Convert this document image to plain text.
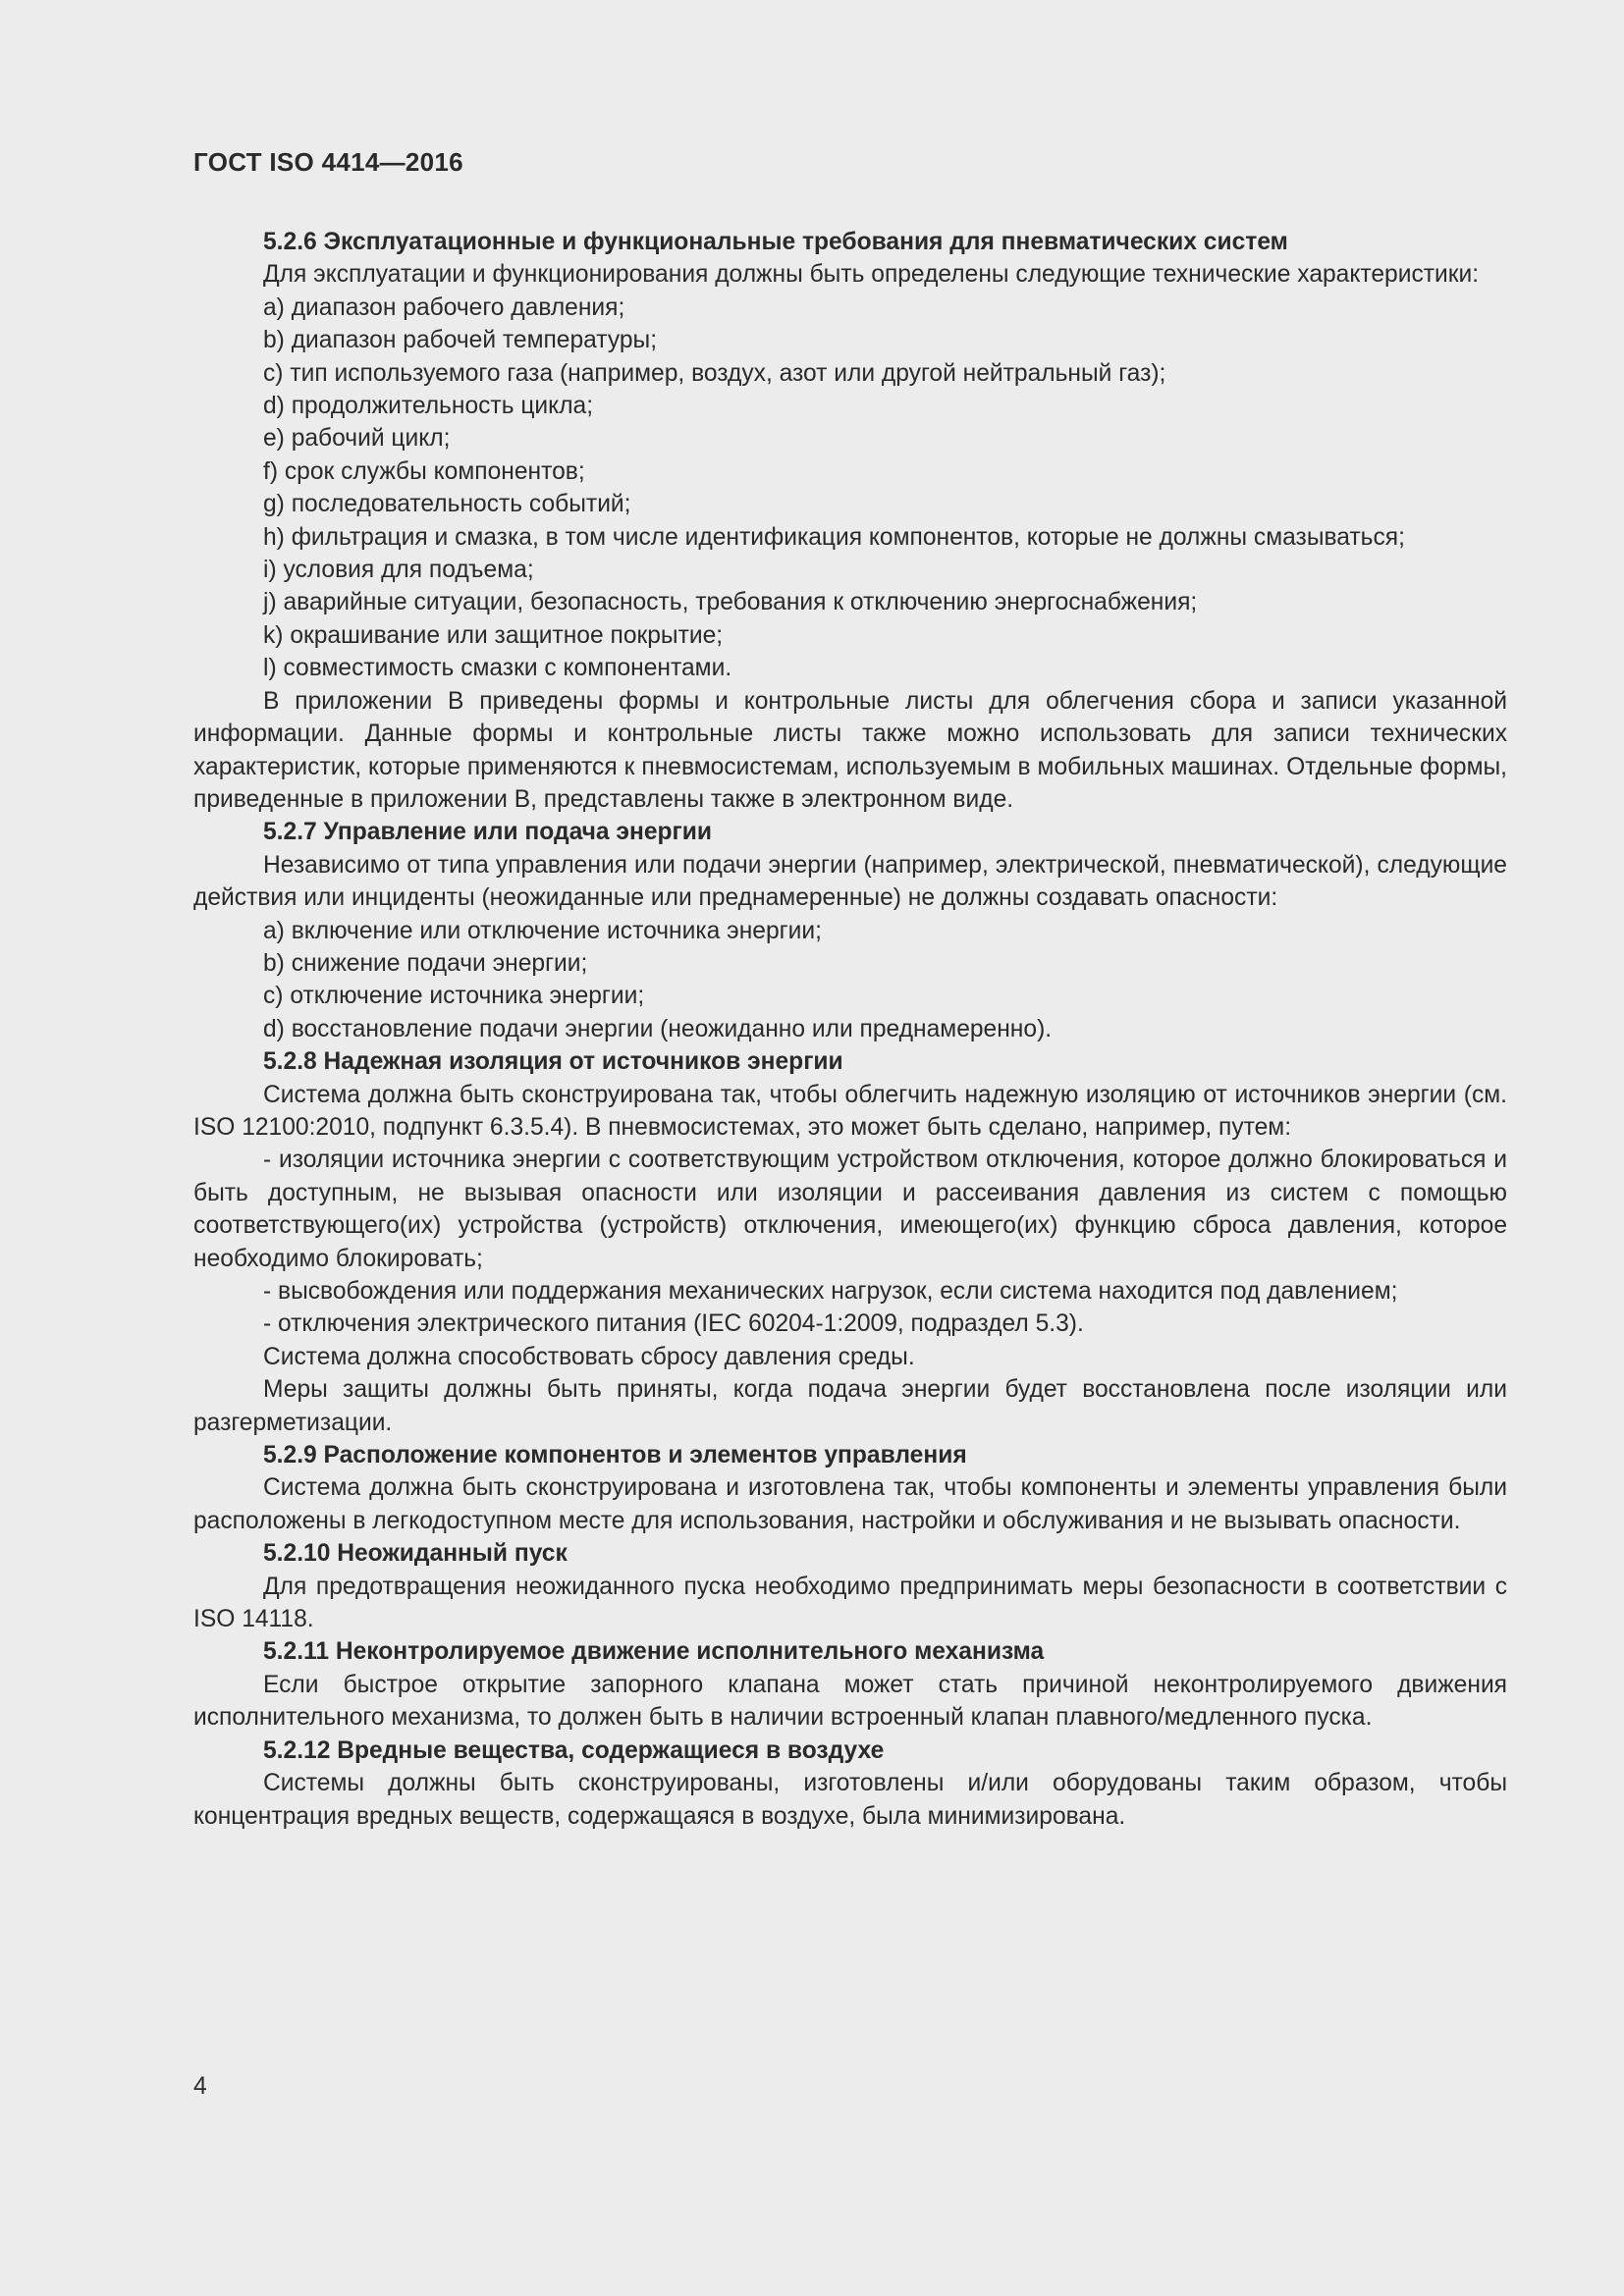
ГОСТ ISO 4414—2016

5.2.6 Эксплуатационные и функциональные требования для пневматических систем

Для эксплуатации и функционирования должны быть определены следующие технические характеристики:

a) диапазон рабочего давления;

b) диапазон рабочей температуры;

c) тип используемого газа (например, воздух, азот или другой нейтральный газ);

d) продолжительность цикла;

e) рабочий цикл;

f) срок службы компонентов;

g) последовательность событий;

h) фильтрация и смазка, в том числе идентификация компонентов, которые не должны смазываться;

i) условия для подъема;

j) аварийные ситуации, безопасность, требования к отключению энергоснабжения;

k) окрашивание или защитное покрытие;

l) совместимость смазки с компонентами.

В приложении В приведены формы и контрольные листы для облегчения сбора и записи указанной информации. Данные формы и контрольные листы также можно использовать для записи технических характеристик, которые применяются к пневмосистемам, используемым в мобильных машинах. Отдельные формы, приведенные в приложении В, представлены также в электронном виде.

5.2.7 Управление или подача энергии

Независимо от типа управления или подачи энергии (например, электрической, пневматической), следующие действия или инциденты (неожиданные или преднамеренные) не должны создавать опасности:

a) включение или отключение источника энергии;

b) снижение подачи энергии;

c) отключение источника энергии;

d) восстановление подачи энергии (неожиданно или преднамеренно).

5.2.8 Надежная изоляция от источников энергии

Система должна быть сконструирована так, чтобы облегчить надежную изоляцию от источников энергии (см. ISO 12100:2010, подпункт 6.3.5.4). В пневмосистемах, это может быть сделано, например, путем:

- изоляции источника энергии с соответствующим устройством отключения, которое должно блокироваться и быть доступным, не вызывая опасности или изоляции и рассеивания давления из систем с помощью соответствующего(их) устройства (устройств) отключения, имеющего(их) функцию сброса давления, которое необходимо блокировать;

- высвобождения или поддержания механических нагрузок, если система находится под давлением;

- отключения электрического питания (IEC 60204-1:2009, подраздел 5.3).

Система должна способствовать сбросу давления среды.

Меры защиты должны быть приняты, когда подача энергии будет восстановлена после изоляции или разгерметизации.

5.2.9 Расположение компонентов и элементов управления

Система должна быть сконструирована и изготовлена так, чтобы компоненты и элементы управления были расположены в легкодоступном месте для использования, настройки и обслуживания и не вызывать опасности.

5.2.10 Неожиданный пуск

Для предотвращения неожиданного пуска необходимо предпринимать меры безопасности в соответствии с ISO 14118.

5.2.11 Неконтролируемое движение исполнительного механизма

Если быстрое открытие запорного клапана может стать причиной неконтролируемого движения исполнительного механизма, то должен быть в наличии встроенный клапан плавного/медленного пуска.

5.2.12 Вредные вещества, содержащиеся в воздухе

Системы должны быть сконструированы, изготовлены и/или оборудованы таким образом, чтобы концентрация вредных веществ, содержащаяся в воздухе, была минимизирована.

4
